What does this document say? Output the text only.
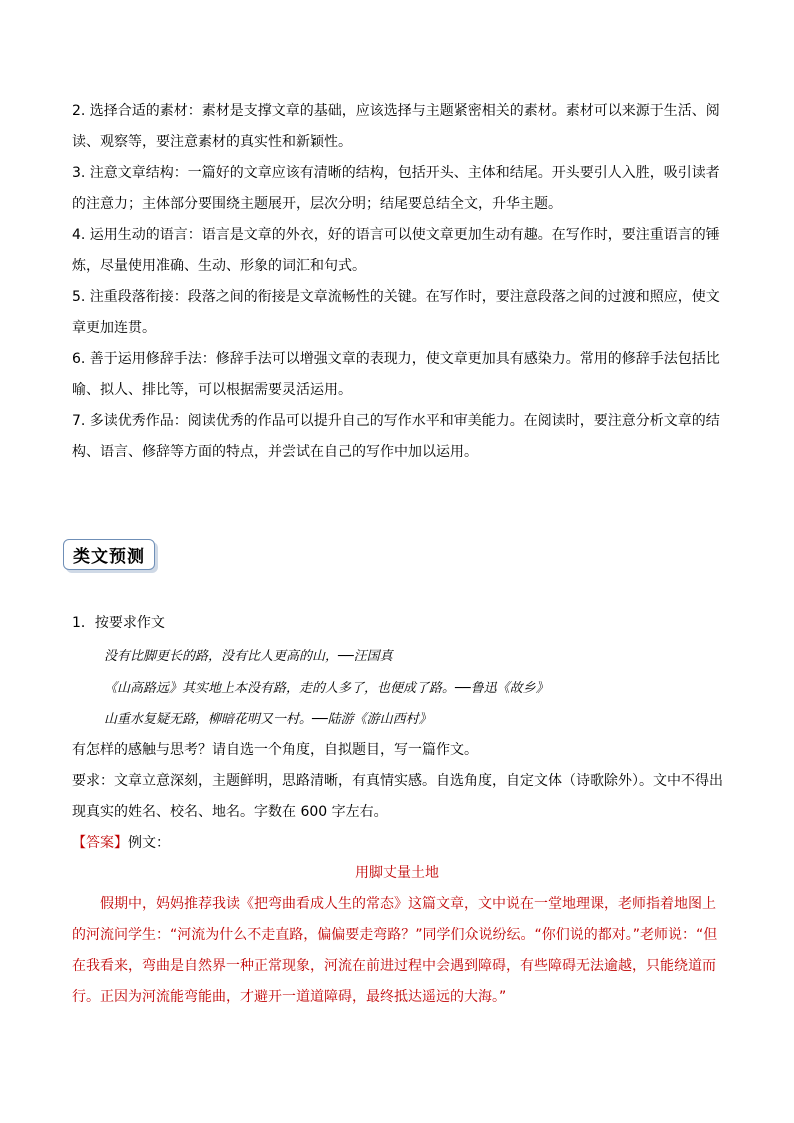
2. 选择合适的素材：素材是支撑文章的基础，应该选择与主题紧密相关的素材。素材可以来源于生活、阅

读、观察等，要注意素材的真实性和新颖性。

3. 注意文章结构：一篇好的文章应该有清晰的结构，包括开头、主体和结尾。开头要引人入胜，吸引读者

的注意力；主体部分要围绕主题展开，层次分明；结尾要总结全文，升华主题。

4. 运用生动的语言：语言是文章的外衣，好的语言可以使文章更加生动有趣。在写作时，要注重语言的锤

炼，尽量使用准确、生动、形象的词汇和句式。

5. 注重段落衔接：段落之间的衔接是文章流畅性的关键。在写作时，要注意段落之间的过渡和照应，使文

章更加连贯。

6. 善于运用修辞手法：修辞手法可以增强文章的表现力，使文章更加具有感染力。常用的修辞手法包括比

喻、拟人、排比等，可以根据需要灵活运用。

7. 多读优秀作品：阅读优秀的作品可以提升自己的写作水平和审美能力。在阅读时，要注意分析文章的结

构、语言、修辞等方面的特点，并尝试在自己的写作中加以运用。

类文预测
1．按要求作文
没有比脚更长的路，没有比人更高的山，──汪国真
《山高路远》其实地上本没有路，走的人多了，也便成了路。──鲁迅《故乡》
山重水复疑无路，柳暗花明又一村。──陆游《游山西村》
有怎样的感触与思考？请自选一个角度，自拟题目，写一篇作文。
要求：文章立意深刻，主题鲜明，思路清晰，有真情实感。自选角度，自定文体（诗歌除外）。文中不得出
现真实的姓名、校名、地名。字数在 600 字左右。
【答案】例文：
用脚丈量土地

　　假期中，妈妈推荐我读《把弯曲看成人生的常态》这篇文章，文中说在一堂地理课，老师指着地图上

的河流问学生：“河流为什么不走直路，偏偏要走弯路？”同学们众说纷纭。“你们说的都对。”老师说：“但

在我看来，弯曲是自然界一种正常现象，河流在前进过程中会遇到障碍，有些障碍无法逾越，只能绕道而

行。正因为河流能弯能曲，才避开一道道障碍，最终抵达遥远的大海。”
